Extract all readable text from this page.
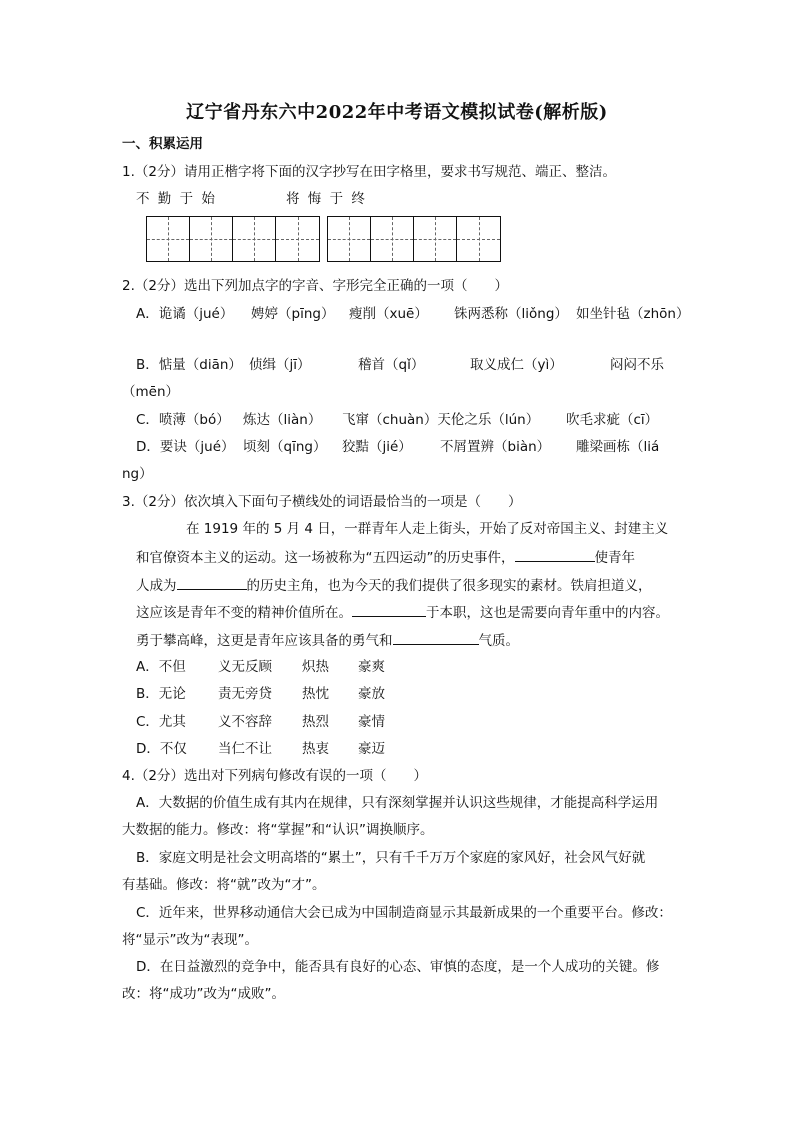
辽宁省丹东六中2022年中考语文模拟试卷(解析版)
一、积累运用
1.（2分）请用正楷字将下面的汉字抄写在田字格里，要求书写规范、端正、整洁。
不 勤 于 始	将 悔 于 终
2.（2分）选出下列加点字的字音、字形完全正确的一项（　　）
A．诡谲（jué） 娉婷（pīng） 瘦削（xuē） 铢两悉称（liǒng） 如坐针毡（zhōn）
B．惦量（diān） 侦缉（jī）	稽首（qǐ）	取义成仁（yì）	闷闷不乐
（mēn）
C．喷薄（bó） 炼达（liàn） 飞窜（chuàn）天伦之乐（lún） 吹毛求疵（cī）
D．要诀（jué） 顷刻（qīng） 狡黠（jié） 不屑置辨（biàn） 雕梁画栋（liá
ng）
3.（2分）依次填入下面句子横线处的词语最恰当的一项是（　　）
在 1919 年的 5 月 4 日，一群青年人走上街头，开始了反对帝国主义、封建主义
和官僚资本主义的运动。这一场被称为“五四运动”的历史事件，	使青年
人成为	的历史主角，也为今天的我们提供了很多现实的素材。铁肩担道义，
这应该是青年不变的精神价值所在。	于本职，这也是需要向青年重中的内容。
勇于攀高峰，这更是青年应该具备的勇气和	气质。
A．不但 义无反顾 炽热 豪爽
B．无论 责无旁贷 热忱 豪放
C．尤其 义不容辞 热烈 豪情
D．不仅 当仁不让 热衷 豪迈
4.（2分）选出对下列病句修改有误的一项（　　）
A．大数据的价值生成有其内在规律，只有深刻掌握并认识这些规律，才能提高科学运用
大数据的能力。修改：将“掌握”和“认识”调换顺序。
B．家庭文明是社会文明高塔的“累土”，只有千千万万个家庭的家风好，社会风气好就
有基础。修改：将“就”改为“才”。
C．近年来，世界移动通信大会已成为中国制造商显示其最新成果的一个重要平台。修改：
将“显示”改为“表现”。
D．在日益激烈的竞争中，能否具有良好的心态、审慎的态度，是一个人成功的关键。修
改：将“成功”改为“成败”。
